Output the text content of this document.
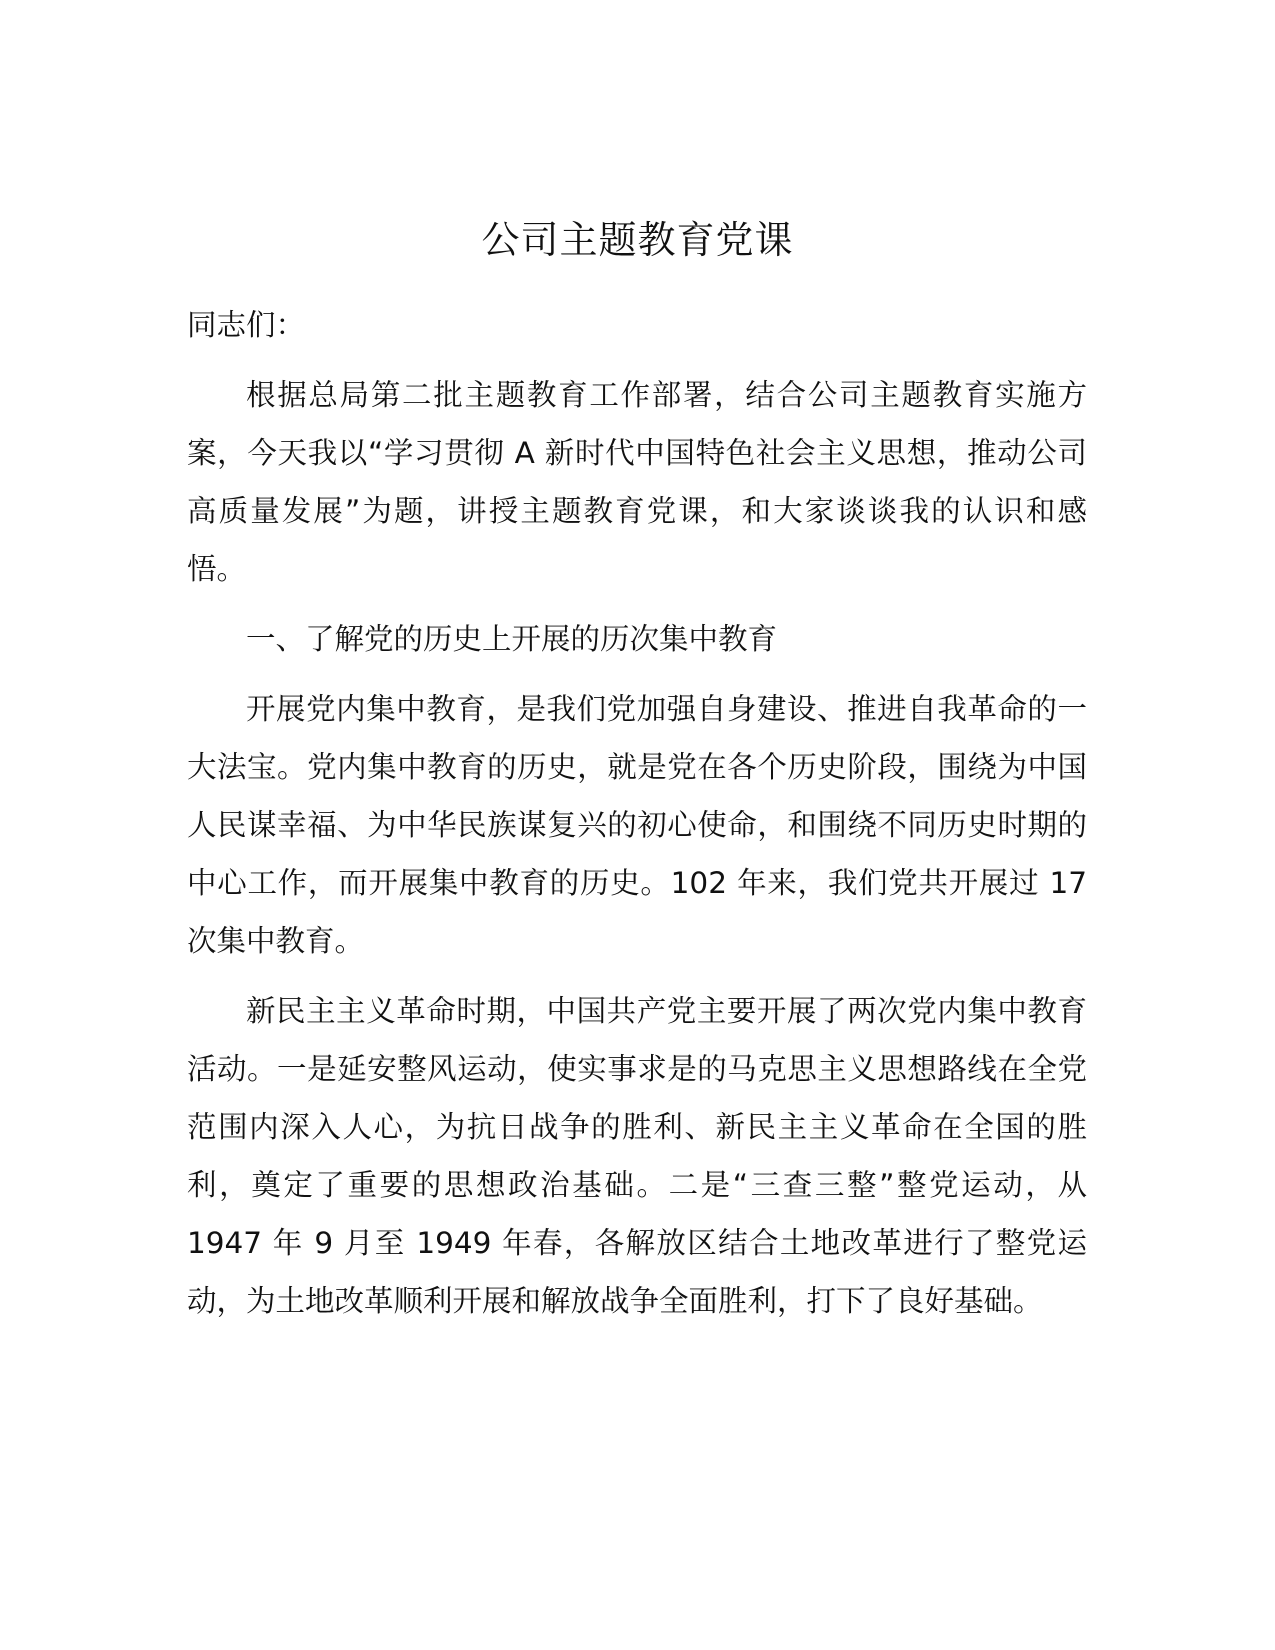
公司主题教育党课

同志们：

根据总局第二批主题教育工作部署，结合公司主题教育实施方案，今天我以“学习贯彻 A 新时代中国特色社会主义思想，推动公司高质量发展”为题，讲授主题教育党课，和大家谈谈我的认识和感悟。

一、了解党的历史上开展的历次集中教育

开展党内集中教育，是我们党加强自身建设、推进自我革命的一大法宝。党内集中教育的历史，就是党在各个历史阶段，围绕为中国人民谋幸福、为中华民族谋复兴的初心使命，和围绕不同历史时期的中心工作，而开展集中教育的历史。102 年来，我们党共开展过 17 次集中教育。

新民主主义革命时期，中国共产党主要开展了两次党内集中教育活动。一是延安整风运动，使实事求是的马克思主义思想路线在全党范围内深入人心，为抗日战争的胜利、新民主主义革命在全国的胜利，奠定了重要的思想政治基础。二是“三查三整”整党运动，从 1947 年 9 月至 1949 年春，各解放区结合土地改革进行了整党运动，为土地改革顺利开展和解放战争全面胜利，打下了良好基础。
